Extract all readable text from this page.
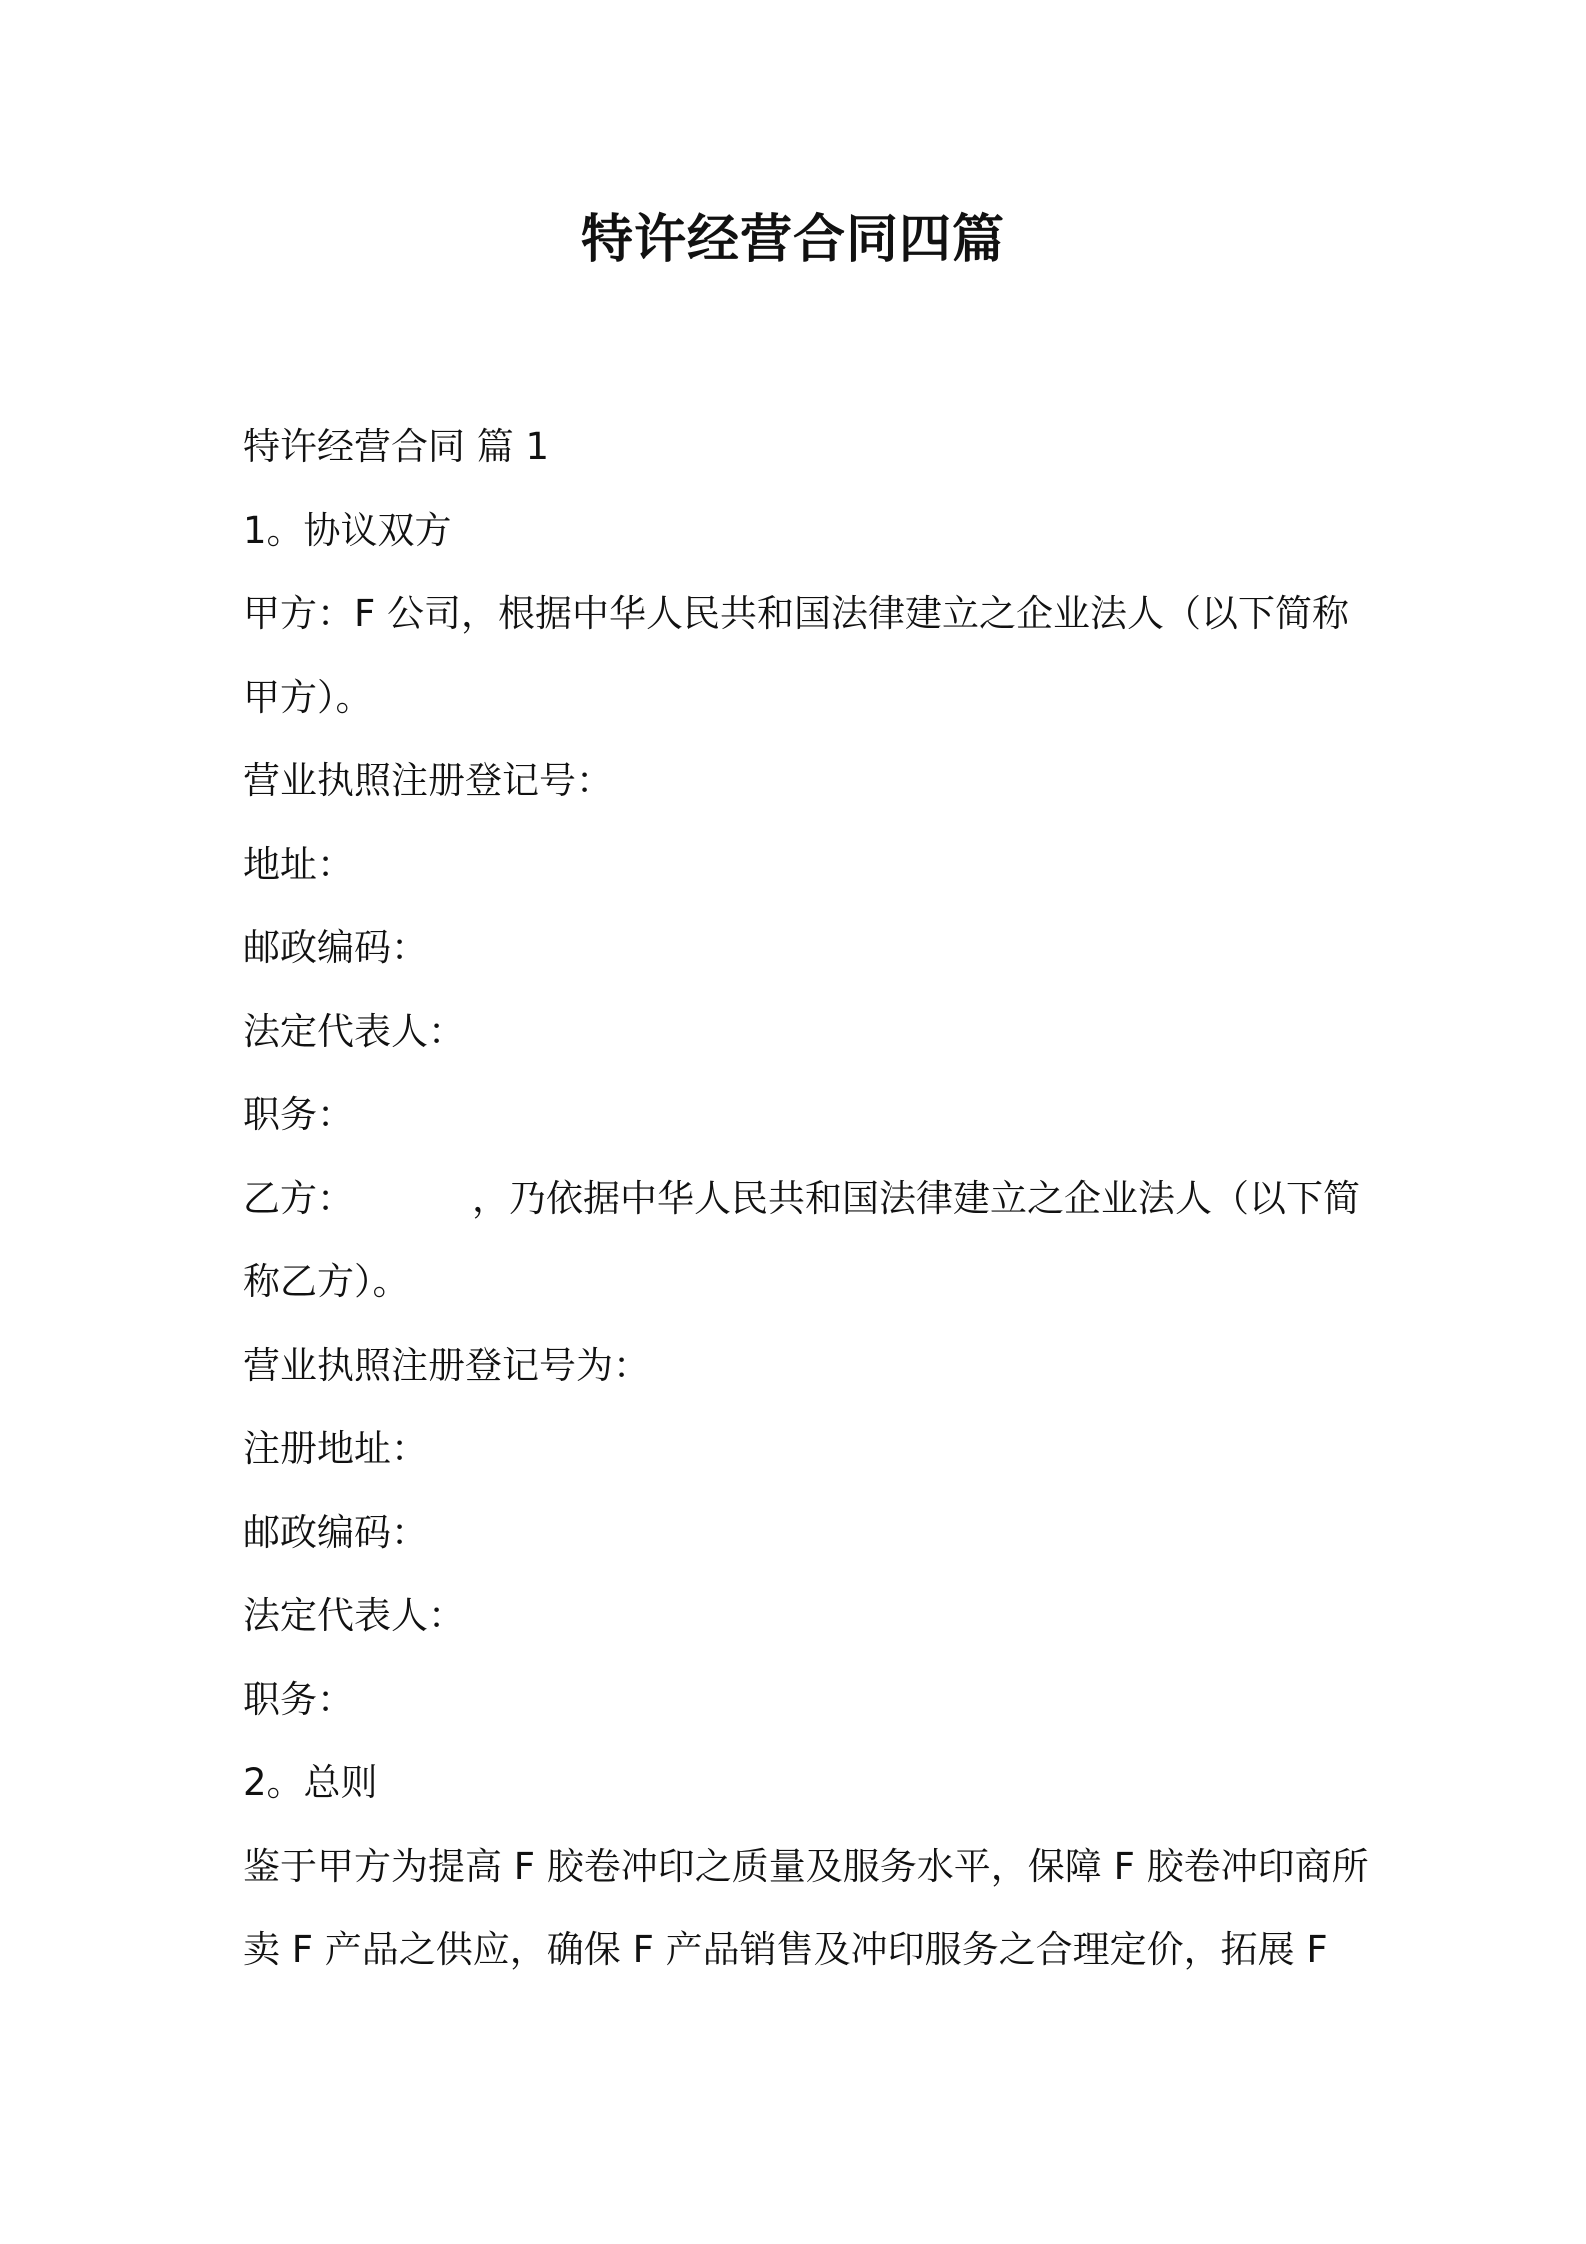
特许经营合同四篇

特许经营合同 篇 1

1。协议双方

甲方：F 公司，根据中华人民共和国法律建立之企业法人（以下简称

甲方）。

营业执照注册登记号：

地址：

邮政编码：

法定代表人：

职务：

乙方：	，乃依据中华人民共和国法律建立之企业法人（以下简

称乙方）。

营业执照注册登记号为：

注册地址：

邮政编码：

法定代表人：

职务：

2。总则

鉴于甲方为提高 F 胶卷冲印之质量及服务水平，保障 F 胶卷冲印商所

卖 F 产品之供应，确保 F 产品销售及冲印服务之合理定价，拓展 F
